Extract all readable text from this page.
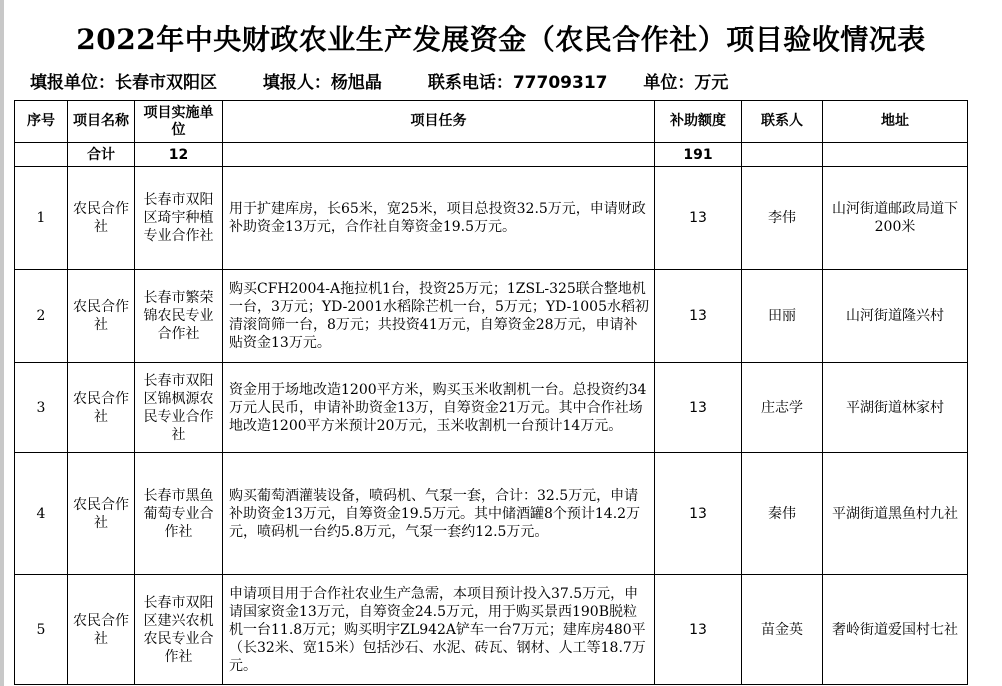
2022年中央财政农业生产发展资金（农民合作社）项目验收情况表
填报单位：长春市双阳区	填报人：杨旭晶	联系电话：77709317 单位：万元
序号	项目名称	项目实施单位	项目任务	补助额度	联系人	地址
	合计	12		191		
1	农民合作社	长春市双阳区琦宇种植专业合作社	用于扩建库房，长65米，宽25米，项目总投资32.5万元，申请财政补助资金13万元，合作社自筹资金19.5万元。	13	李伟	山河街道邮政局道下200米
2	农民合作社	长春市繁荣锦农民专业合作社	购买CFH2004-A拖拉机1台，投资25万元；1ZSL-325联合整地机一台，3万元；YD-2001水稻除芒机一台，5万元；YD-1005水稻初清滚筒筛一台，8万元；共投资41万元，自筹资金28万元，申请补贴资金13万元。	13	田丽	山河街道隆兴村
3	农民合作社	长春市双阳区锦枫源农民专业合作社	资金用于场地改造1200平方米，购买玉米收割机一台。总投资约34万元人民币，申请补助资金13万，自筹资金21万元。其中合作社场地改造1200平方米预计20万元，玉米收割机一台预计14万元。	13	庄志学	平湖街道林家村
4	农民合作社	长春市黑鱼葡萄专业合作社	购买葡萄酒灌装设备，喷码机、气泵一套，合计：32.5万元，申请补助资金13万元，自筹资金19.5万元。其中储酒罐8个预计14.2万元，喷码机一台约5.8万元，气泵一套约12.5万元。	13	秦伟	平湖街道黑鱼村九社
5	农民合作社	长春市双阳区建兴农机农民专业合作社	申请项目用于合作社农业生产急需，本项目预计投入37.5万元，申请国家资金13万元，自筹资金24.5万元，用于购买景西190B脱粒机一台11.8万元；购买明宇ZL942A铲车一台7万元；建库房480平（长32米、宽15米）包括沙石、水泥、砖瓦、钢材、人工等18.7万元。	13	苗金英	奢岭街道爱国村七社
